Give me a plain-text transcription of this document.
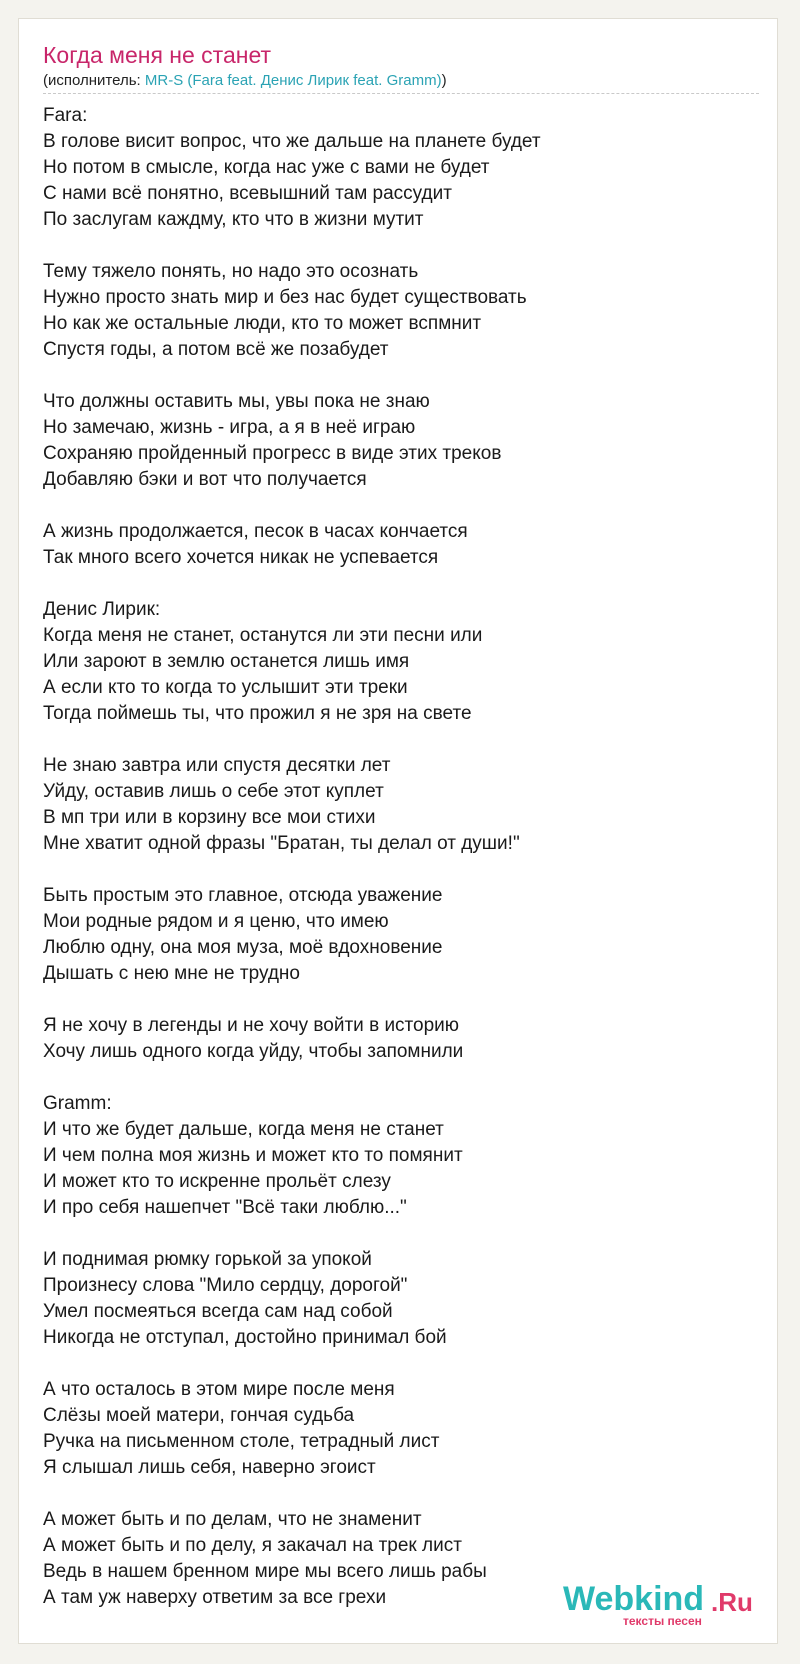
Когда меня не станет
(исполнитель: MR-S (Fara feat. Денис Лирик feat. Gramm))
Fara:
В голове висит вопрос, что же дальше на планете будет
Но потом в смысле, когда нас уже с вами не будет
С нами всё понятно, всевышний там рассудит
По заслугам каждму, кто что в жизни мутит
Тему тяжело понять, но надо это осознать
Нужно просто знать мир и без нас будет существовать
Но как же остальные люди, кто то может вспмнит
Спустя годы, а потом всё же позабудет
Что должны оставить мы, увы пока не знаю
Но замечаю, жизнь - игра, а я в неё играю
Сохраняю пройденный прогресс в виде этих треков
Добавляю бэки и вот что получается
А жизнь продолжается, песок в часах кончается
Так много всего хочется никак не успевается
Денис Лирик:
Когда меня не станет, останутся ли эти песни или
Или зароют в землю останется лишь имя
А если кто то когда то услышит эти треки
Тогда поймешь ты, что прожил я не зря на свете
Не знаю завтра или спустя десятки лет
Уйду, оставив лишь о себе этот куплет
В мп три или в корзину все мои стихи
Мне хватит одной фразы "Братан, ты делал от души!"
Быть простым это главное, отсюда уважение
Мои родные рядом и я ценю, что имею
Люблю одну, она моя муза, моё вдохновение
Дышать с нею мне не трудно
Я не хочу в легенды и не хочу войти в историю
Хочу лишь одного когда уйду, чтобы запомнили
Gramm:
И что же будет дальше, когда меня не станет
И чем полна моя жизнь и может кто то помянит
И может кто то искренне прольёт слезу
И про себя нашепчет "Всё таки люблю..."
И поднимая рюмку горькой за упокой
Произнесу слова "Мило сердцу, дорогой"
Умел посмеяться всегда сам над собой
Никогда не отступал, достойно принимал бой
А что осталось в этом мире после меня
Слёзы моей матери, гончая судьба
Ручка на письменном столе, тетрадный лист
Я слышал лишь себя, наверно эгоист
А может быть и по делам, что не знаменит
А может быть и по делу, я закачал на трек лист
Ведь в нашем бренном мире мы всего лишь рабы
А там уж наверху ответим за все грехи	Webkind .Ru
тексты песен
